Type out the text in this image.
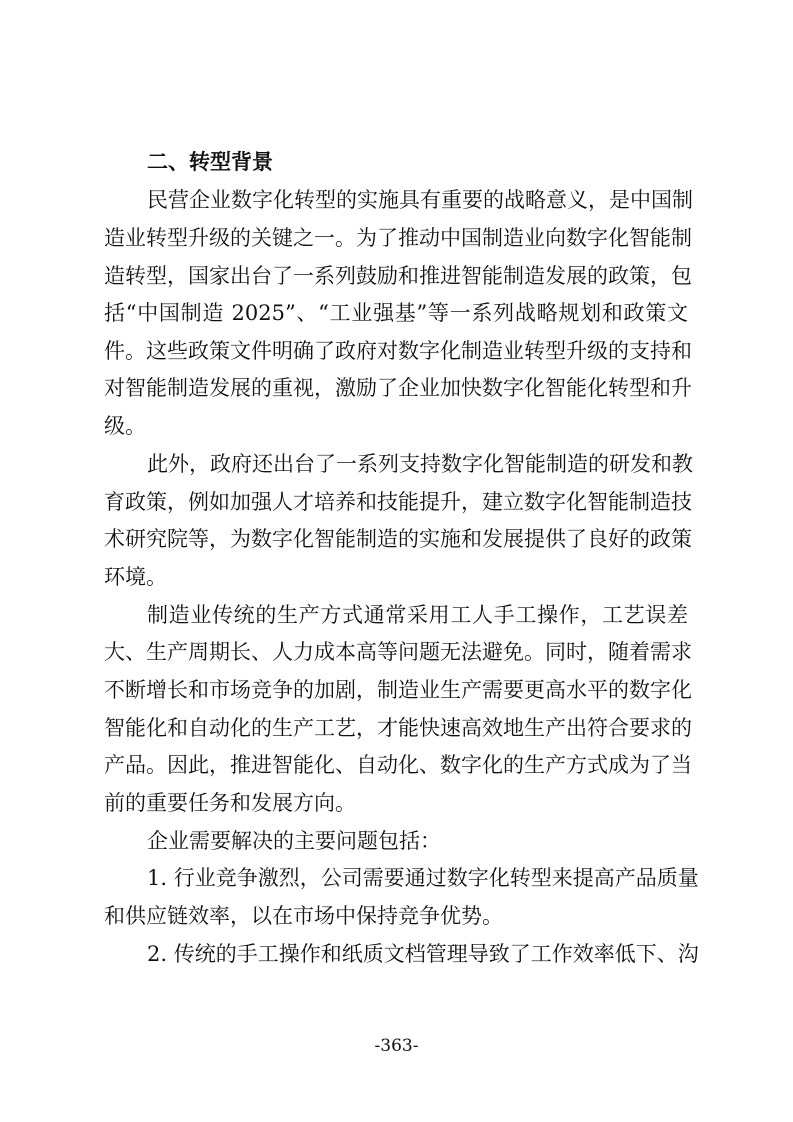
二、转型背景
民营企业数字化转型的实施具有重要的战略意义，是中国制
造业转型升级的关键之一。为了推动中国制造业向数字化智能制
造转型，国家出台了一系列鼓励和推进智能制造发展的政策，包
括“中国制造 2025”、“工业强基”等一系列战略规划和政策文
件。这些政策文件明确了政府对数字化制造业转型升级的支持和
对智能制造发展的重视，激励了企业加快数字化智能化转型和升
级。
此外，政府还出台了一系列支持数字化智能制造的研发和教
育政策，例如加强人才培养和技能提升，建立数字化智能制造技
术研究院等，为数字化智能制造的实施和发展提供了良好的政策
环境。
制造业传统的生产方式通常采用工人手工操作，工艺误差
大、生产周期长、人力成本高等问题无法避免。同时，随着需求
不断增长和市场竞争的加剧，制造业生产需要更高水平的数字化
智能化和自动化的生产工艺，才能快速高效地生产出符合要求的
产品。因此，推进智能化、自动化、数字化的生产方式成为了当
前的重要任务和发展方向。
企业需要解决的主要问题包括：
1. 行业竞争激烈，公司需要通过数字化转型来提高产品质量
和供应链效率，以在市场中保持竞争优势。
2. 传统的手工操作和纸质文档管理导致了工作效率低下、沟
-363-
